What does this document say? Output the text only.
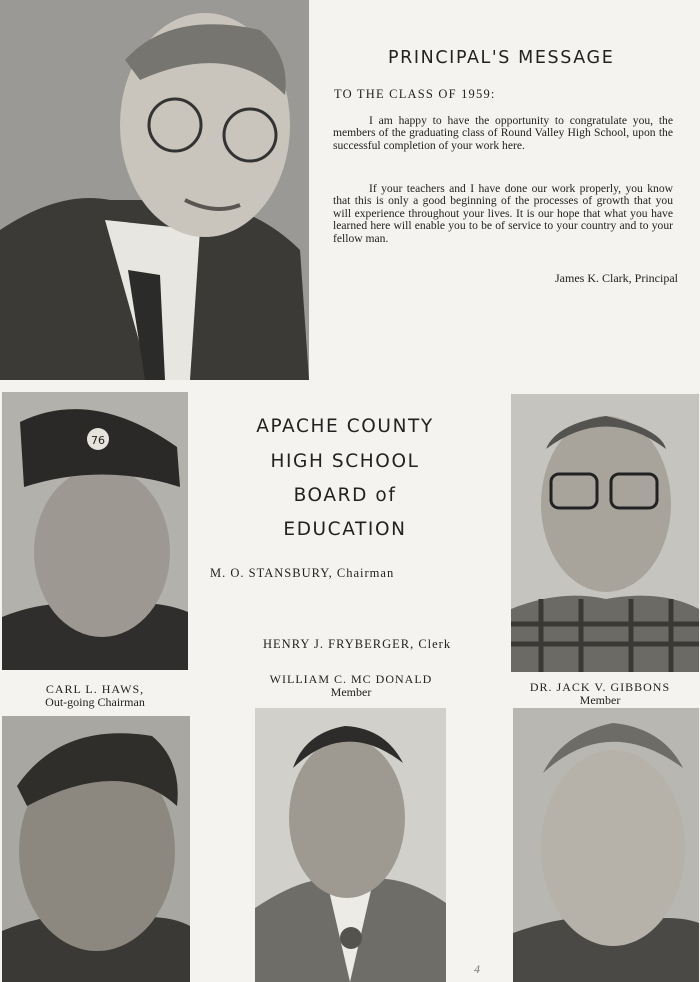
PRINCIPAL'S MESSAGE
TO THE CLASS OF 1959:

I am happy to have the opportunity to congratulate you, the members of the graduating class of Round Valley High School, upon the successful completion of your work here.

If your teachers and I have done our work properly, you know that this is only a good beginning of the processes of growth that you will experience throughout your lives. It is our hope that what you have learned here will enable you to be of service to your country and to your fellow man.

James K. Clark, Principal
76
APACHE COUNTY
HIGH SCHOOL
BOARD of
EDUCATION
M. O. STANSBURY, Chairman
HENRY J. FRYBERGER, Clerk
CARL L. HAWS,
Out-going Chairman
WILLIAM C. MC DONALD
Member	DR. JACK V. GIBBONS
Member
4
